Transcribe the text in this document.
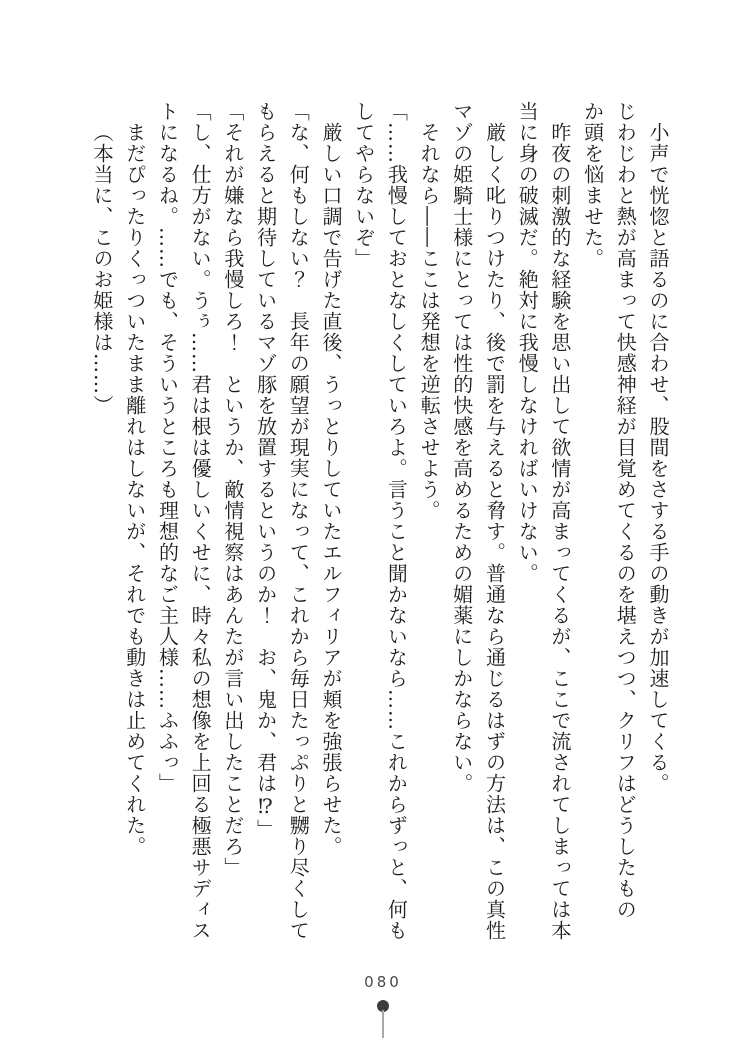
小声で恍惚と語るのに合わせ、股間をさする手の動きが加速してくる。
じわじわと熱が高まって快感神経が目覚めてくるのを堪えつつ、クリフはどうしたもの
か頭を悩ませた。
昨夜の刺激的な経験を思い出して欲情が高まってくるが、ここで流されてしまっては本
当に身の破滅だ。絶対に我慢しなければいけない。
厳しく叱りつけたり、後で罰を与えると脅す。普通なら通じるはずの方法は、この真性
マゾの姫騎士様にとっては性的快感を高めるための媚薬にしかならない。
それなら――ここは発想を逆転させよう。
「……我慢しておとなしくしていろよ。言うこと聞かないなら……これからずっと、何も
してやらないぞ」
厳しい口調で告げた直後、うっとりしていたエルフィリアが頬を強張らせた。
「な、何もしない？　長年の願望が現実になって、これから毎日たっぷりと嬲り尽くして
もらえると期待しているマゾ豚を放置するというのか！　お、鬼か、君は⁉」
「それが嫌なら我慢しろ！　というか、敵情視察はあんたが言い出したことだろ」
「し、仕方がない。うぅ……君は根は優しいくせに、時々私の想像を上回る極悪サディス
トになるね。……でも、そういうところも理想的なご主人様……ふふっ」
まだぴったりくっついたまま離れはしないが、それでも動きは止めてくれた。
（本当に、このお姫様は……）
080
